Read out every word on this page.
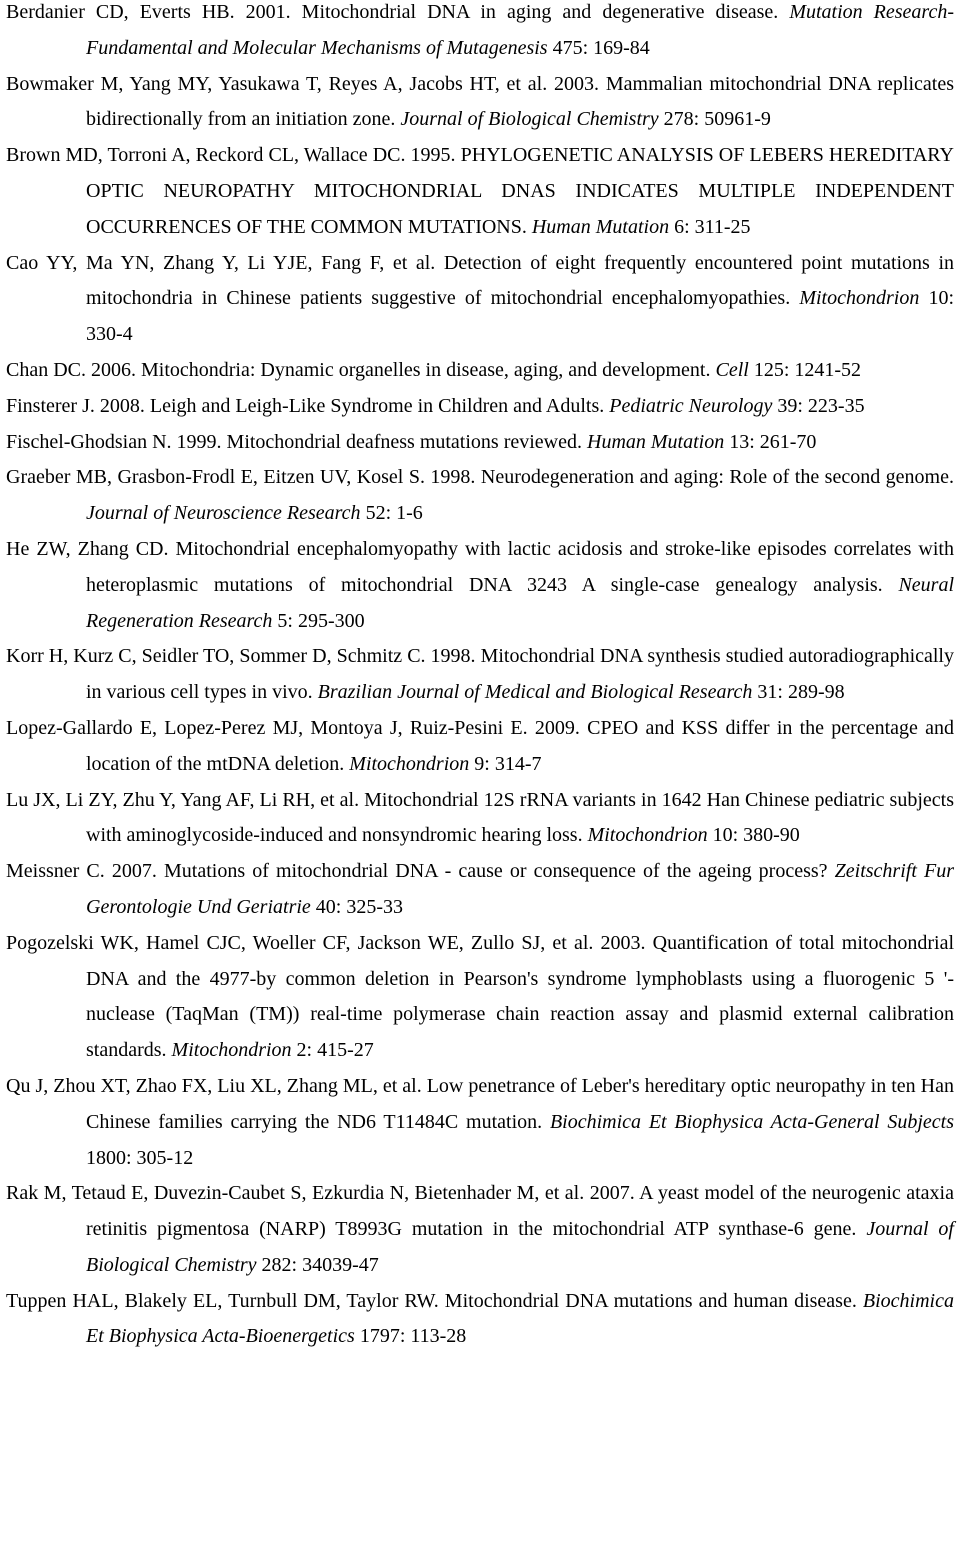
Berdanier CD, Everts HB. 2001. Mitochondrial DNA in aging and degenerative disease. Mutation Research-Fundamental and Molecular Mechanisms of Mutagenesis 475: 169-84

Bowmaker M, Yang MY, Yasukawa T, Reyes A, Jacobs HT, et al. 2003. Mammalian mitochondrial DNA replicates bidirectionally from an initiation zone. Journal of Biological Chemistry 278: 50961-9

Brown MD, Torroni A, Reckord CL, Wallace DC. 1995. PHYLOGENETIC ANALYSIS OF LEBERS HEREDITARY OPTIC NEUROPATHY MITOCHONDRIAL DNAS INDICATES MULTIPLE INDEPENDENT OCCURRENCES OF THE COMMON MUTATIONS. Human Mutation 6: 311-25

Cao YY, Ma YN, Zhang Y, Li YJE, Fang F, et al. Detection of eight frequently encountered point mutations in mitochondria in Chinese patients suggestive of mitochondrial encephalomyopathies. Mitochondrion 10: 330-4

Chan DC. 2006. Mitochondria: Dynamic organelles in disease, aging, and development. Cell 125: 1241-52

Finsterer J. 2008. Leigh and Leigh-Like Syndrome in Children and Adults. Pediatric Neurology 39: 223-35

Fischel-Ghodsian N. 1999. Mitochondrial deafness mutations reviewed. Human Mutation 13: 261-70

Graeber MB, Grasbon-Frodl E, Eitzen UV, Kosel S. 1998. Neurodegeneration and aging: Role of the second genome. Journal of Neuroscience Research 52: 1-6

He ZW, Zhang CD. Mitochondrial encephalomyopathy with lactic acidosis and stroke-like episodes correlates with heteroplasmic mutations of mitochondrial DNA 3243 A single-case genealogy analysis. Neural Regeneration Research 5: 295-300

Korr H, Kurz C, Seidler TO, Sommer D, Schmitz C. 1998. Mitochondrial DNA synthesis studied autoradiographically in various cell types in vivo. Brazilian Journal of Medical and Biological Research 31: 289-98

Lopez-Gallardo E, Lopez-Perez MJ, Montoya J, Ruiz-Pesini E. 2009. CPEO and KSS differ in the percentage and location of the mtDNA deletion. Mitochondrion 9: 314-7

Lu JX, Li ZY, Zhu Y, Yang AF, Li RH, et al. Mitochondrial 12S rRNA variants in 1642 Han Chinese pediatric subjects with aminoglycoside-induced and nonsyndromic hearing loss. Mitochondrion 10: 380-90

Meissner C. 2007. Mutations of mitochondrial DNA - cause or consequence of the ageing process? Zeitschrift Fur Gerontologie Und Geriatrie 40: 325-33

Pogozelski WK, Hamel CJC, Woeller CF, Jackson WE, Zullo SJ, et al. 2003. Quantification of total mitochondrial DNA and the 4977-by common deletion in Pearson's syndrome lymphoblasts using a fluorogenic 5 '-nuclease (TaqMan (TM)) real-time polymerase chain reaction assay and plasmid external calibration standards. Mitochondrion 2: 415-27

Qu J, Zhou XT, Zhao FX, Liu XL, Zhang ML, et al. Low penetrance of Leber's hereditary optic neuropathy in ten Han Chinese families carrying the ND6 T11484C mutation. Biochimica Et Biophysica Acta-General Subjects 1800: 305-12

Rak M, Tetaud E, Duvezin-Caubet S, Ezkurdia N, Bietenhader M, et al. 2007. A yeast model of the neurogenic ataxia retinitis pigmentosa (NARP) T8993G mutation in the mitochondrial ATP synthase-6 gene. Journal of Biological Chemistry 282: 34039-47

Tuppen HAL, Blakely EL, Turnbull DM, Taylor RW. Mitochondrial DNA mutations and human disease. Biochimica Et Biophysica Acta-Bioenergetics 1797: 113-28
